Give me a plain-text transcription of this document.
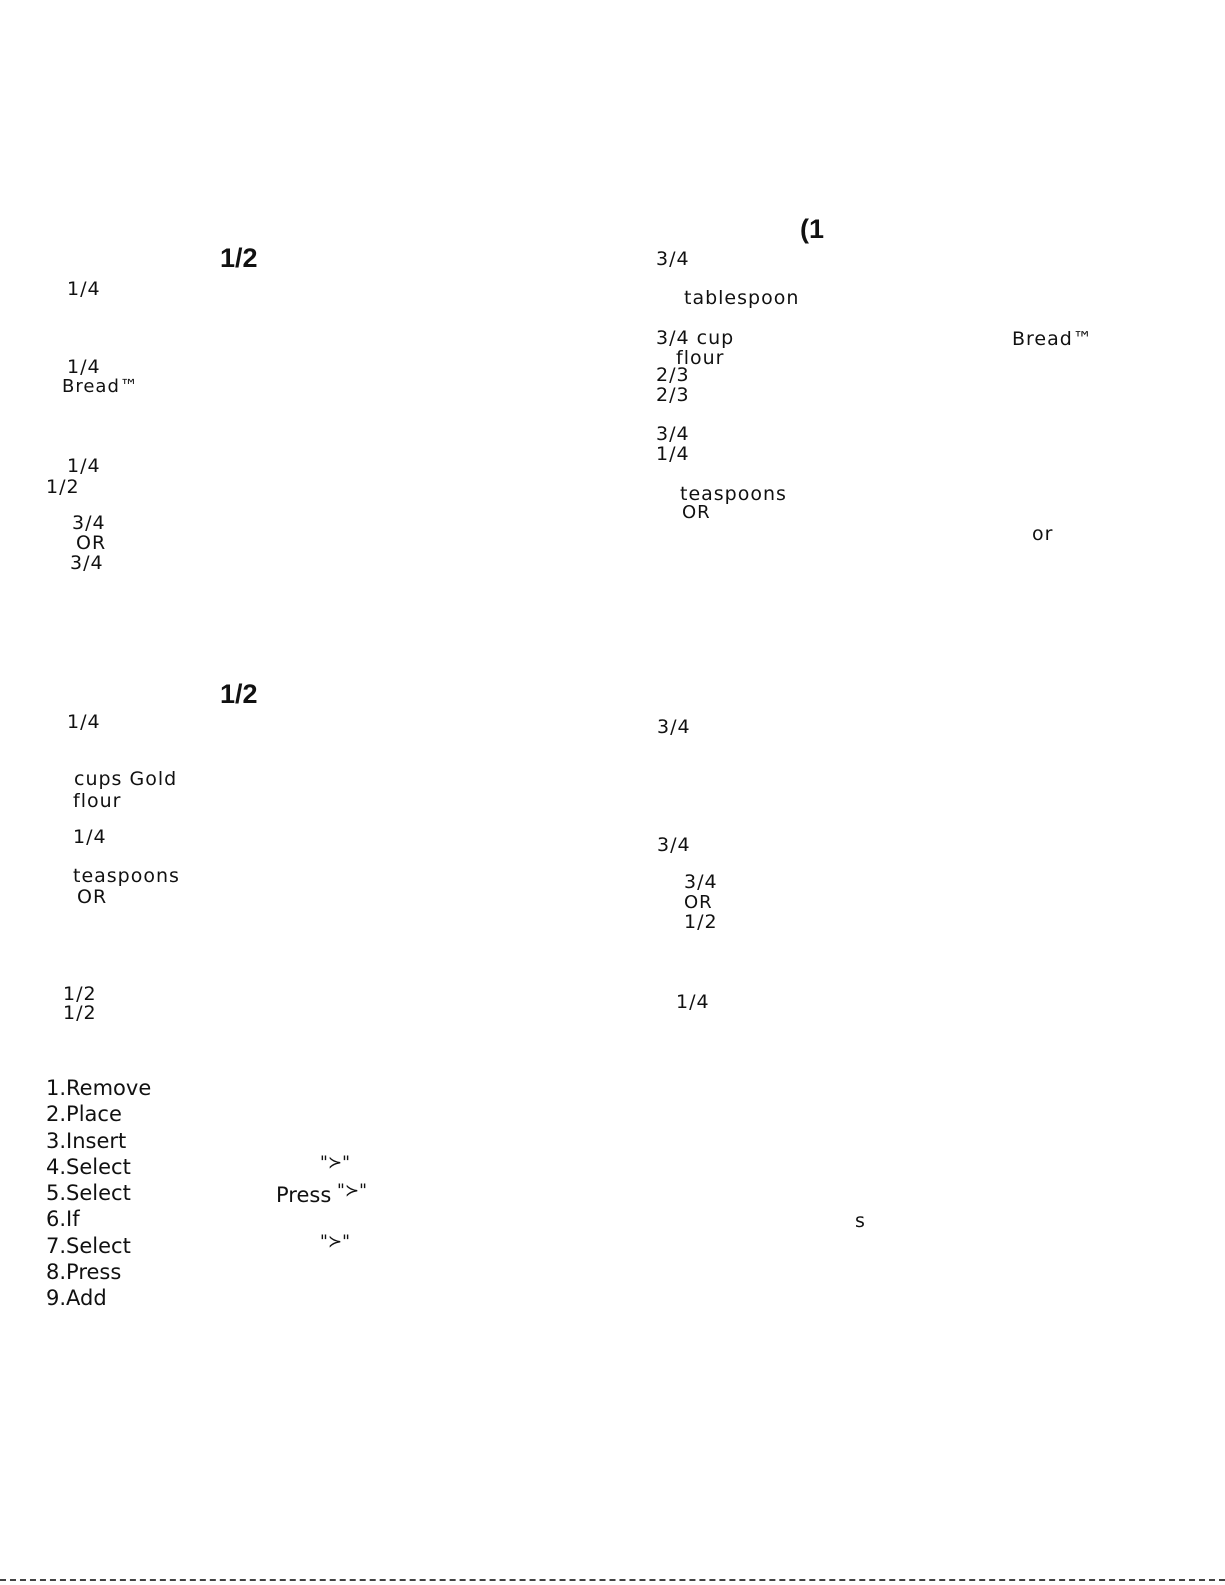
1/2
1/4
1/4
Bread™
1/4
1/2
3/4
OR
3/4
1/2
1/4
cups Gold
flour
1/4
teaspoons
OR
1/2
1/2
1.Remove
2.Place
3.Insert
4.Select	"≻"
5.Select	Press "≻"
6.If
7.Select	"≻"
8.Press
9.Add
(1
3/4
tablespoon
3/4 cup	Bread™
flour
2/3
2/3
3/4
1/4
teaspoons
OR
or
3/4
3/4
3/4
OR
1/2
1/4
s
